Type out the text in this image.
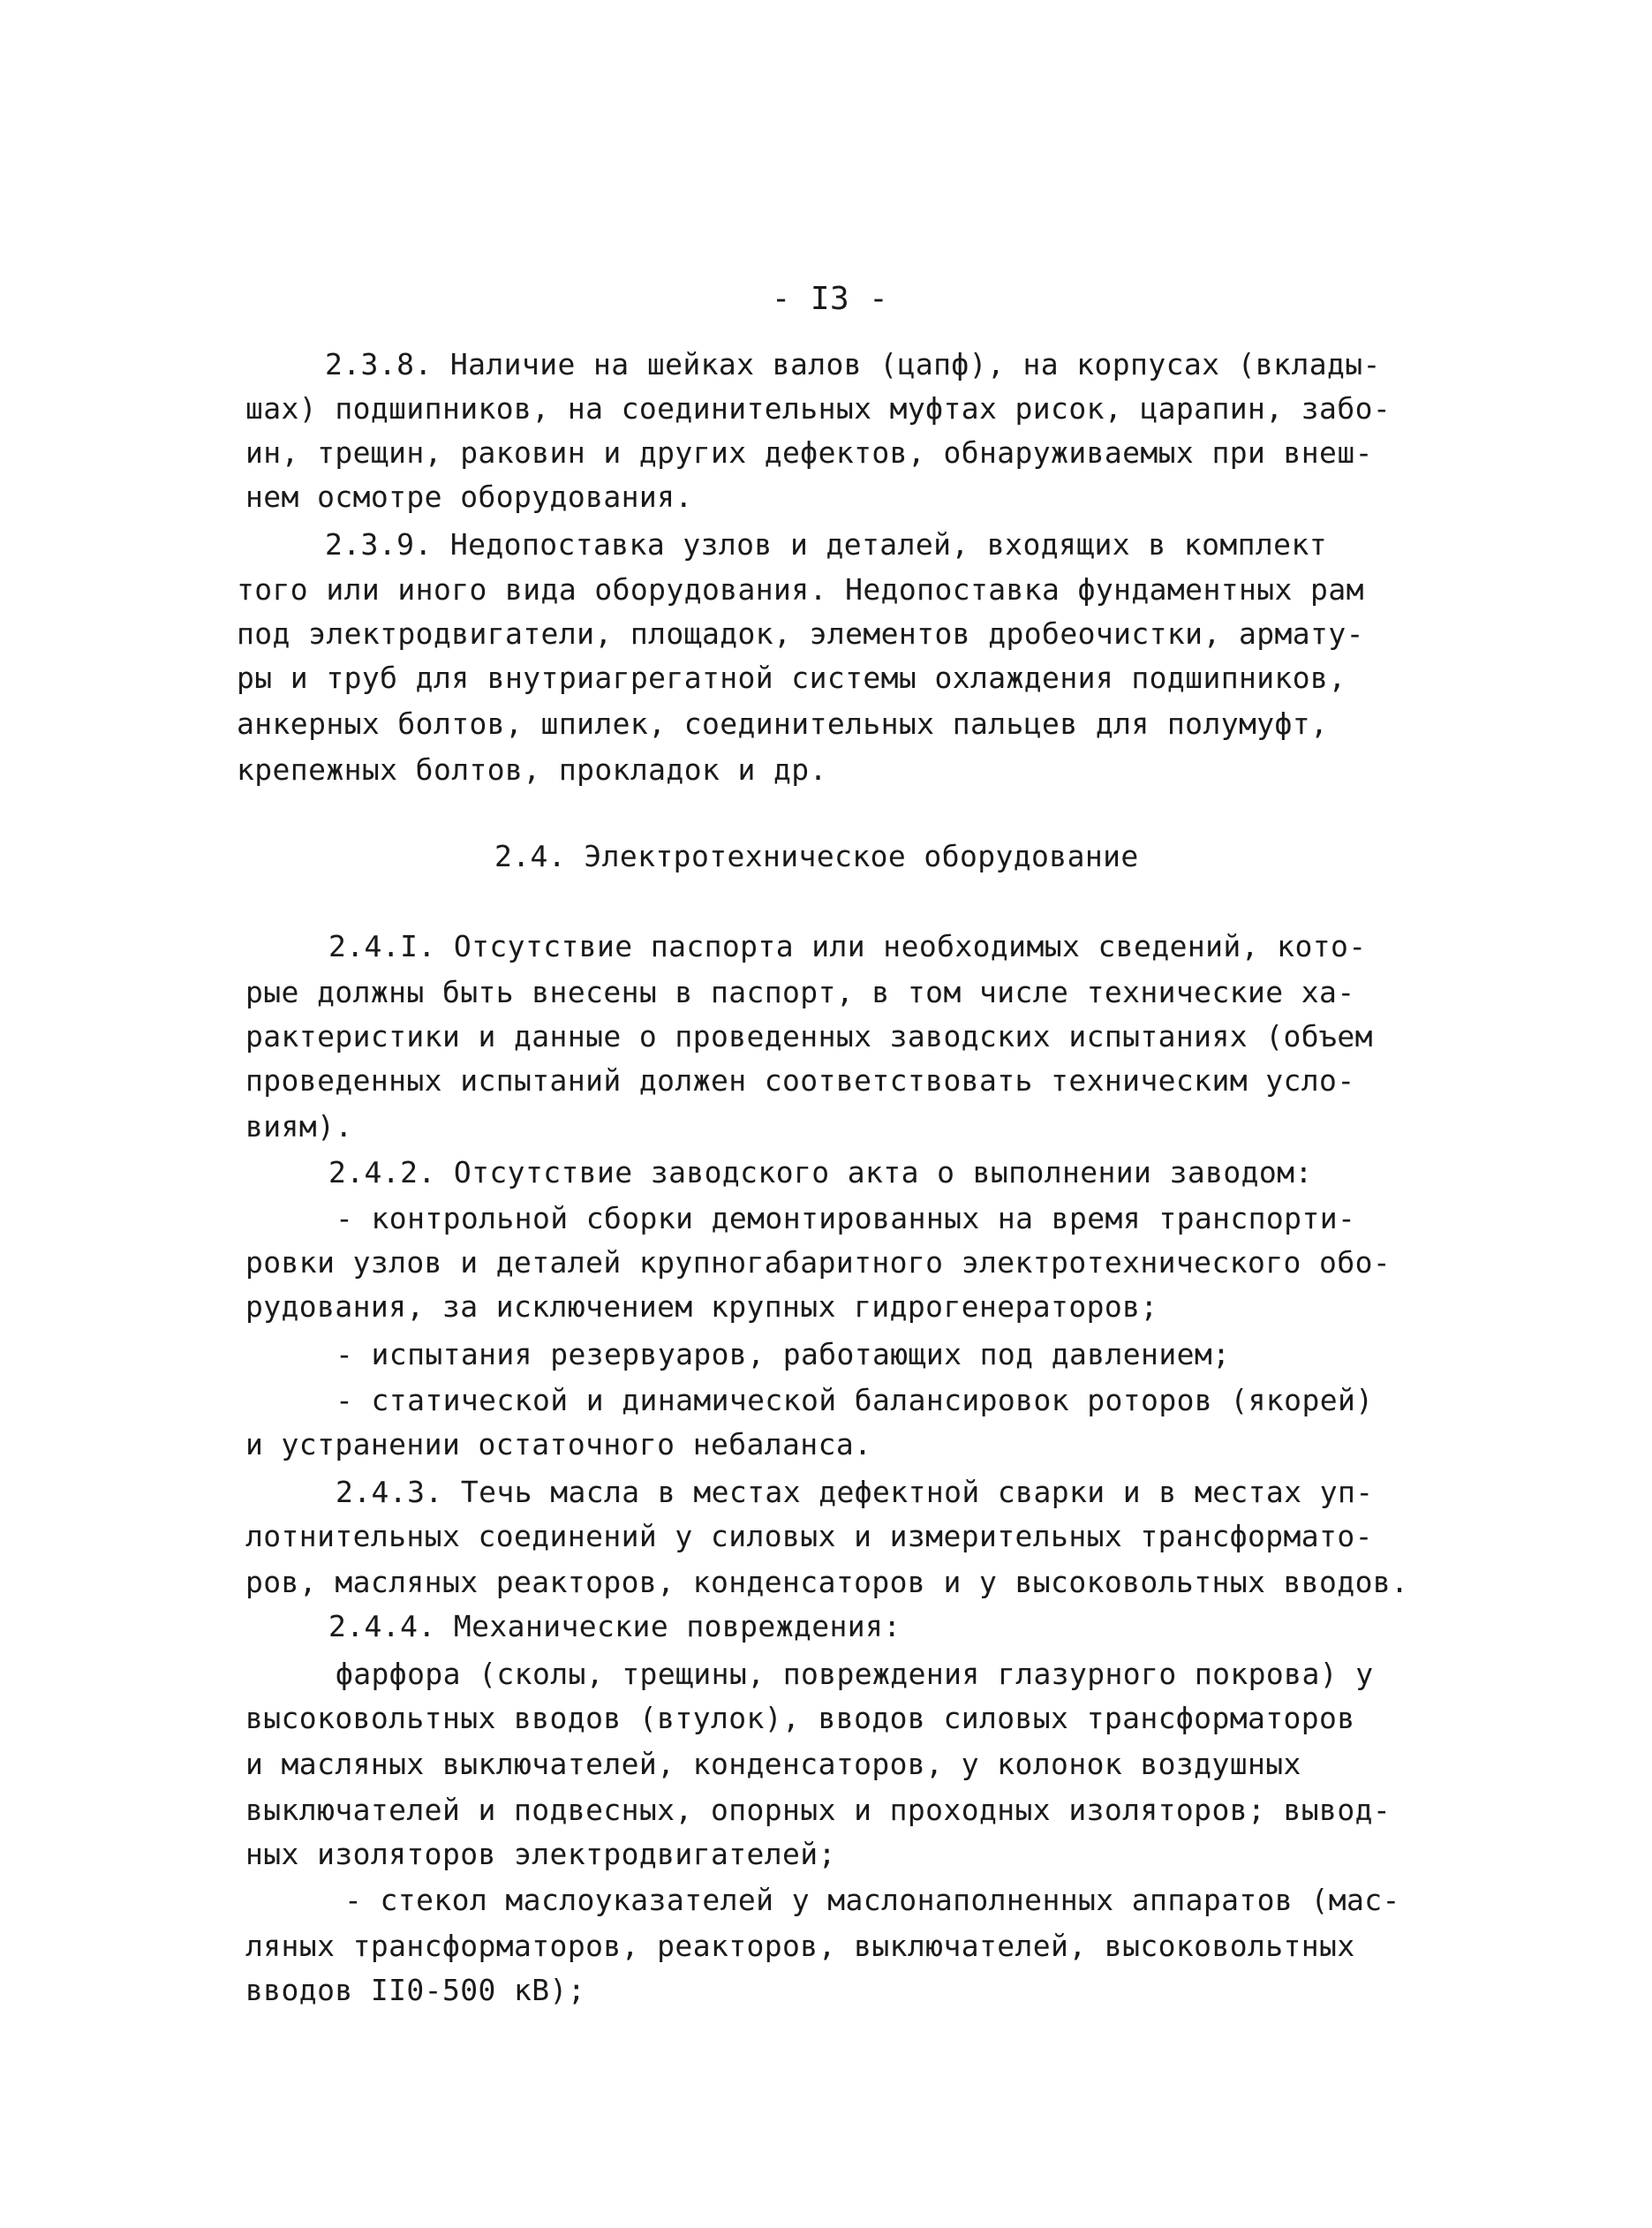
- I3 -
2.3.8. Наличие на шейках валов (цапф), на корпусах (вклады-
шах) подшипников, на соединительных муфтах рисок, царапин, забо-
ин, трещин, раковин и других дефектов, обнаруживаемых при внеш-
нем осмотре оборудования.
2.3.9. Недопоставка узлов и деталей, входящих в комплект
того или иного вида оборудования. Недопоставка фундаментных рам
под электродвигатели, площадок, элементов дробеочистки, армату-
ры и труб для внутриагрегатной системы охлаждения подшипников,
анкерных болтов, шпилек, соединительных пальцев для полумуфт,
крепежных болтов, прокладок и др.
2.4. Электротехническое оборудование
2.4.I. Отсутствие паспорта или необходимых сведений, кото-
рые должны быть внесены в паспорт, в том числе технические ха-
рактеристики и данные о проведенных заводских испытаниях (объем
проведенных испытаний должен соответствовать техническим усло-
виям).
2.4.2. Отсутствие заводского акта о выполнении заводом:
- контрольной сборки демонтированных на время транспорти-
ровки узлов и деталей крупногабаритного электротехнического обо-
рудования, за исключением крупных гидрогенераторов;
- испытания резервуаров, работающих под давлением;
- статической и динамической балансировок роторов (якорей)
и устранении остаточного небаланса.
2.4.3. Течь масла в местах дефектной сварки и в местах уп-
лотнительных соединений у силовых и измерительных трансформато-
ров, масляных реакторов, конденсаторов и у высоковольтных вводов.
2.4.4. Механические повреждения:
фарфора (сколы, трещины, повреждения глазурного покрова) у
высоковольтных вводов (втулок), вводов силовых трансформаторов
и масляных выключателей, конденсаторов, у колонок воздушных
выключателей и подвесных, опорных и проходных изоляторов; вывод-
ных изоляторов электродвигателей;
- стекол маслоуказателей у маслонаполненных аппаратов (мас-
ляных трансформаторов, реакторов, выключателей, высоковольтных
вводов II0-500 кВ);
